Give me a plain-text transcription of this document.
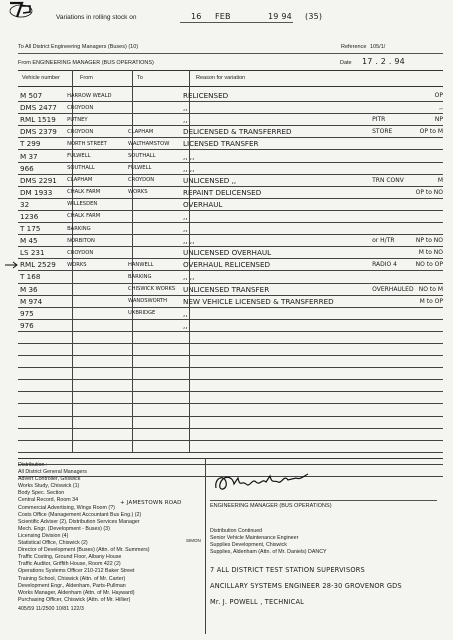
Variations in rolling stock on	16 FEB	19 94 (35)
To All District Engineering Managers (Buses) (10)	Reference 105/1/
From ENGINEERING MANAGER (BUS OPERATIONS)	Date 17 . 2 . 94
Vehicle number	From	To	Reason for variation
M 507	HARROW WEALD		RELICENSED		OP
DMS 2477	CROYDON		,,		,,
RML 1519	PUTNEY		,,	PITR	NP
DMS 2379	CROYDON	CLAPHAM	DELICENSED & TRANSFERRED	STORE	OP to M
T 299	NORTH STREET	WALTHAMSTOW	LICENSED TRANSFER		
M 37	FULWELL	SOUTHALL	,, ,,		
966	SOUTHALL	FULWELL	,, ,,		
DMS 2291	CLAPHAM	CROYDON	UNLICENSED ,,	TRN CONV	M
DM 1933	CHALK FARM	WORKS	REPAINT DELICENSED		OP to NO
32	WILLESDEN		OVERHAUL		
1236	CHALK FARM		,,		
T 175	BARKING		,,		
M 45	NORBITON		,, ,,	or H/TR	NP to NO
LS 231	CROYDON		UNLICENSED OVERHAUL		M to NO
RML 2529	WORKS	HANWELL	OVERHAUL RELICENSED	RADIO 4	NO to OP
T 168		BARKING	,, ,,		
M 36		CHISWICK WORKS	UNLICENSED TRANSFER	OVERHAULED	NO to M
M 974		WANDSWORTH	NEW VEHICLE LICENSED & TRANSFERRED		M to OP
975		UXBRIDGE	,,		
976			,,		

Distribution :
All District General Managers
Advert Controller, Griswick
Works Study, Chiswick (1)
Body Spec. Section
Central Record, Room 34
Commercial Advertising, Wings Room (?)
Costs Office (Management Accountant Bus Eng.) (2)
Scientific Adviser (2), Distribution Services Manager
Mech. Engr. (Development - Buses) (3)
Licensing Division (4)
Statistical Office, Chiswick (2)
Director of Development (Buses) (Attn. of Mr. Summers)
Traffic Costing, Ground Floor, Albany House
Traffic Auditor, Griffith House, Room 422 (2)
Operations Systems Officer 210-212 Baker Street
Training School, Chiswick (Attn. of Mr. Carter)
Development Engr., Aldenham, Parts-Pullman
Works Manager, Aldenham (Attn. of Mr. Hayward)
Purchasing Officer, Chiswick (Attn. of Mr. Hillier)
405/59 11/2500 10/81 122/3
+ JAMESTOWN ROAD
SIMON
ENGINEERING MANAGER (BUS OPERATIONS)
Distribution Continued
Senior Vehicle Maintenance Engineer
Supplies Development, Chiswick
Supplies, Aldenham (Attn. of Mr. Daniels) DANCY
7 ALL DISTRICT TEST STATION SUPERVISORS
ANCILLARY SYSTEMS ENGINEER 28-30 GROVENOR GDS
Mr. J. POWELL , TECHNICAL
